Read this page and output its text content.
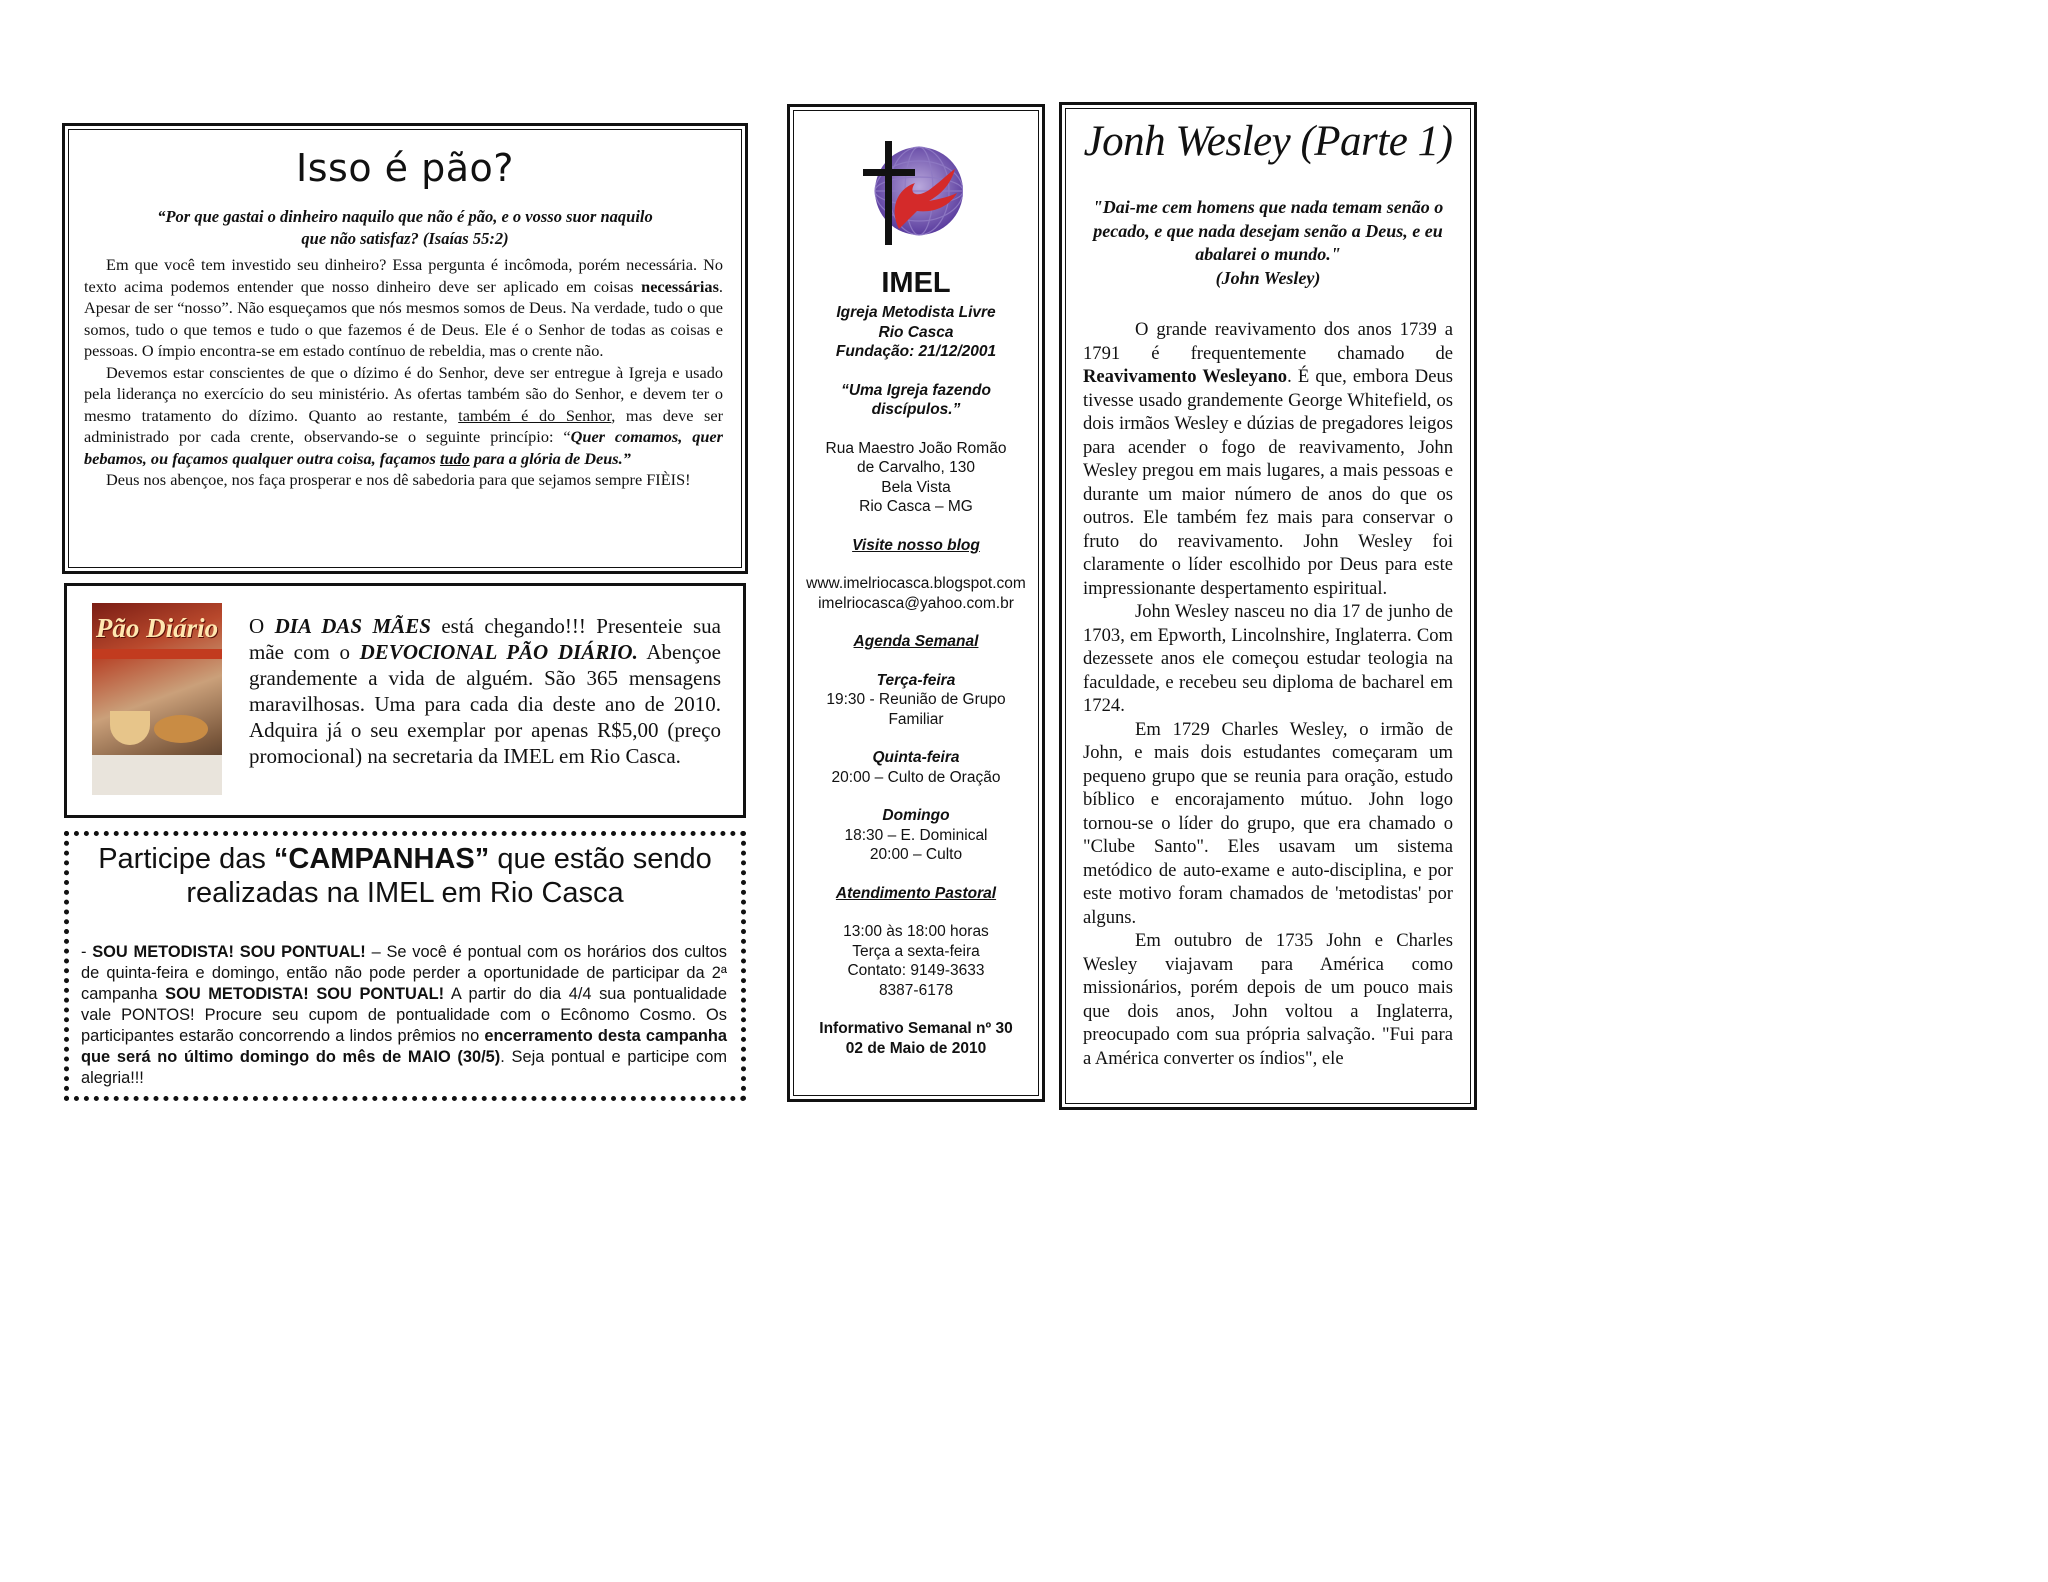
Isso é pão?
“Por que gastai o dinheiro naquilo que não é pão, e o vosso suor naquilo que não satisfaz? (Isaías 55:2)

Em que você tem investido seu dinheiro? Essa pergunta é incômoda, porém necessária. No texto acima podemos entender que nosso dinheiro deve ser aplicado em coisas necessárias. Apesar de ser “nosso”. Não esqueçamos que nós mesmos somos de Deus. Na verdade, tudo o que somos, tudo o que temos e tudo o que fazemos é de Deus. Ele é o Senhor de todas as coisas e pessoas. O ímpio encontra-se em estado contínuo de rebeldia, mas o crente não.

Devemos estar conscientes de que o dízimo é do Senhor, deve ser entregue à Igreja e usado pela liderança no exercício do seu ministério. As ofertas também são do Senhor, e devem ter o mesmo tratamento do dízimo. Quanto ao restante, também é do Senhor, mas deve ser administrado por cada crente, observando-se o seguinte princípio: “Quer comamos, quer bebamos, ou façamos qualquer outra coisa, façamos tudo para a glória de Deus.”

Deus nos abençoe, nos faça prosperar e nos dê sabedoria para que sejamos sempre FIÈIS!

Pão Diário O DIA DAS MÃES está chegando!!! Presenteie sua mãe com o DEVOCIONAL PÃO DIÁRIO. Abençoe grandemente a vida de alguém. São 365 mensagens maravilhosas. Uma para cada dia deste ano de 2010. Adquira já o seu exemplar por apenas R$5,00 (preço promocional) na secretaria da IMEL em Rio Casca.
Participe das “CAMPANHAS” que estão sendo realizadas na IMEL em Rio Casca
- SOU METODISTA! SOU PONTUAL! – Se você é pontual com os horários dos cultos de quinta-feira e domingo, então não pode perder a oportunidade de participar da 2ª campanha SOU METODISTA! SOU PONTUAL! A partir do dia 4/4 sua pontualidade vale PONTOS! Procure seu cupom de pontualidade com o Ecônomo Cosmo. Os participantes estarão concorrendo a lindos prêmios no encerramento desta campanha que será no último domingo do mês de MAIO (30/5). Seja pontual e participe com alegria!!!
IMEL
Igreja Metodista Livre
Rio Casca
Fundação: 21/12/2001
“Uma Igreja fazendo
discípulos.”
Rua Maestro João Romão
de Carvalho, 130
Bela Vista
Rio Casca – MG
Visite nosso blog
www.imelriocasca.blogspot.com
imelriocasca@yahoo.com.br
Agenda Semanal
Terça-feira
19:30 - Reunião de Grupo
Familiar
Quinta-feira
20:00 – Culto de Oração
Domingo
18:30 – E. Dominical
20:00 – Culto
Atendimento Pastoral
13:00 às 18:00 horas
Terça a sexta-feira
Contato: 9149-3633
8387-6178
Informativo Semanal nº 30
02 de Maio de 2010
Jonh Wesley (Parte 1)
"Dai-me cem homens que nada temam senão o pecado, e que nada desejam senão a Deus, e eu abalarei o mundo."
(John Wesley)

O grande reavivamento dos anos 1739 a 1791 é frequentemente chamado de Reavivamento Wesleyano. É que, embora Deus tivesse usado grandemente George Whitefield, os dois irmãos Wesley e dúzias de pregadores leigos para acender o fogo de reavivamento, John Wesley pregou em mais lugares, a mais pessoas e durante um maior número de anos do que os outros. Ele também fez mais para conservar o fruto do reavivamento. John Wesley foi claramente o líder escolhido por Deus para este impressionante despertamento espiritual.

John Wesley nasceu no dia 17 de junho de 1703, em Epworth, Lincolnshire, Inglaterra. Com dezessete anos ele começou estudar teologia na faculdade, e recebeu seu diploma de bacharel em 1724.

Em 1729 Charles Wesley, o irmão de John, e mais dois estudantes começaram um pequeno grupo que se reunia para oração, estudo bíblico e encorajamento mútuo. John logo tornou-se o líder do grupo, que era chamado o "Clube Santo". Eles usavam um sistema metódico de auto-exame e auto-disciplina, e por este motivo foram chamados de 'metodistas' por alguns.

Em outubro de 1735 John e Charles Wesley viajavam para América como missionários, porém depois de um pouco mais que dois anos, John voltou a Inglaterra, preocupado com sua própria salvação. "Fui para a América converter os índios", ele
